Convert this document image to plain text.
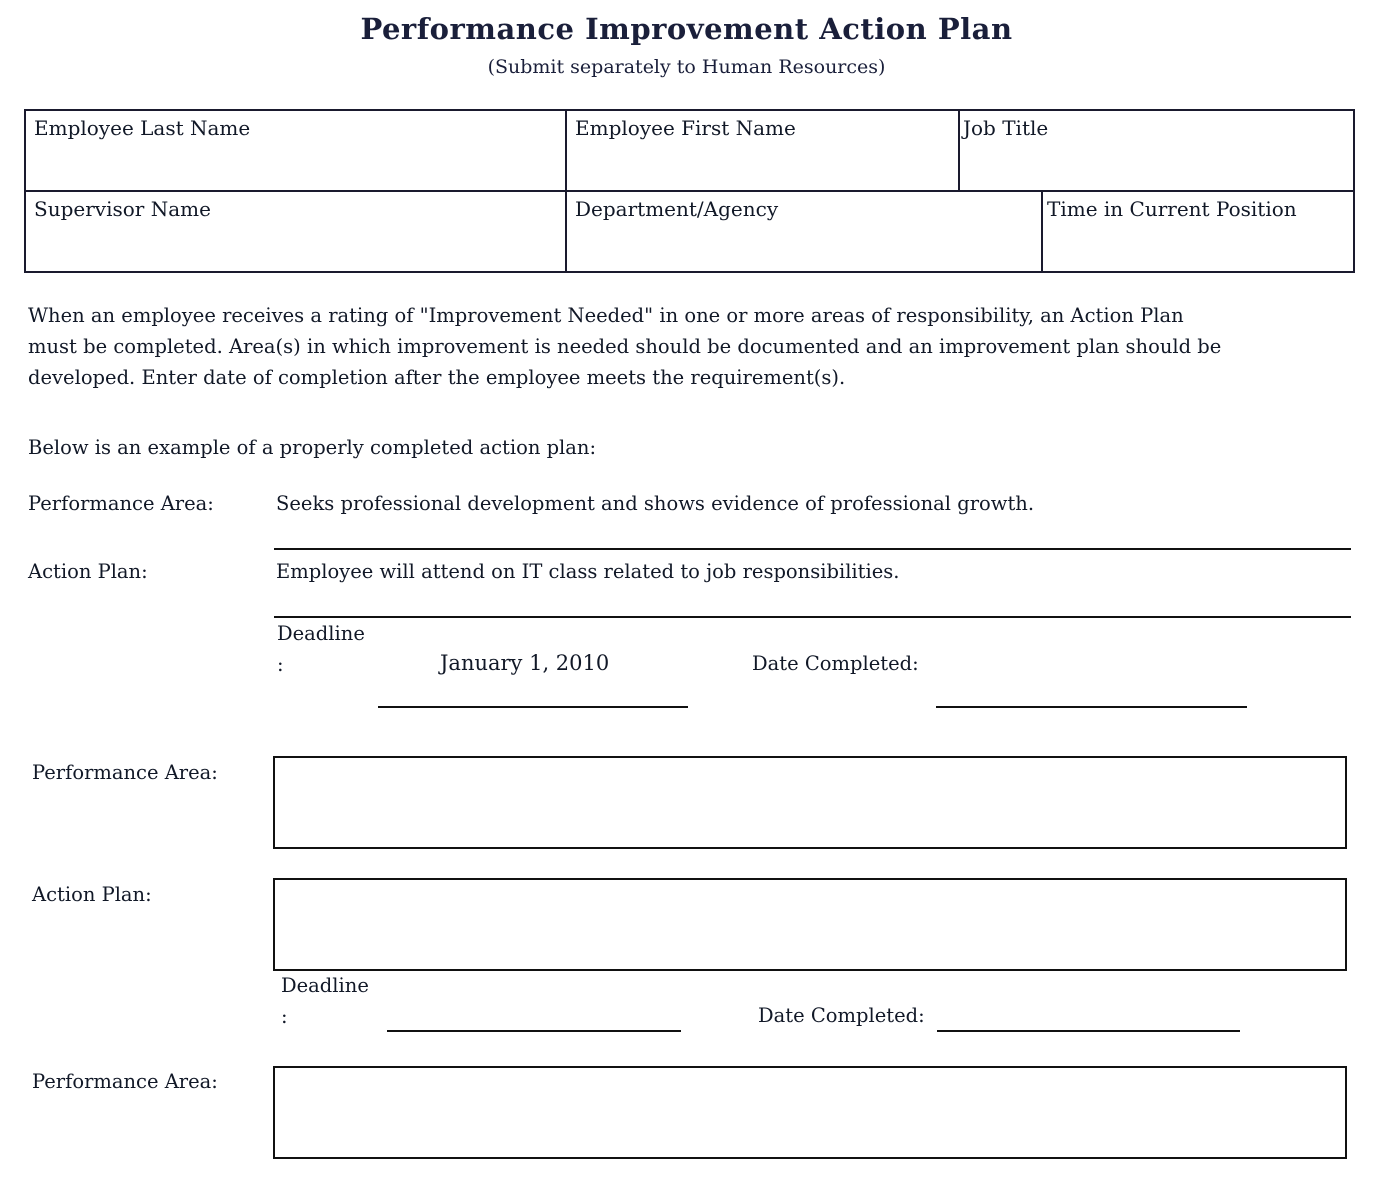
Performance Improvement Action Plan
(Submit separately to Human Resources)
Employee Last Name	Employee First Name	Job Title	
Supervisor Name	Department/Agency		Time in Current Position
When an employee receives a rating of "Improvement Needed" in one or more areas of responsibility, an Action Plan
must be completed. Area(s) in which improvement is needed should be documented and an improvement plan should be
developed. Enter date of completion after the employee meets the requirement(s).
Below is an example of a properly completed action plan:
Performance Area:	Seeks professional development and shows evidence of professional growth.
Action Plan:	Employee will attend on IT class related to job responsibilities.
Deadline
:	January 1, 2010	Date Completed:
Performance Area:
Action Plan:
Deadline
:	Date Completed:
Performance Area:
